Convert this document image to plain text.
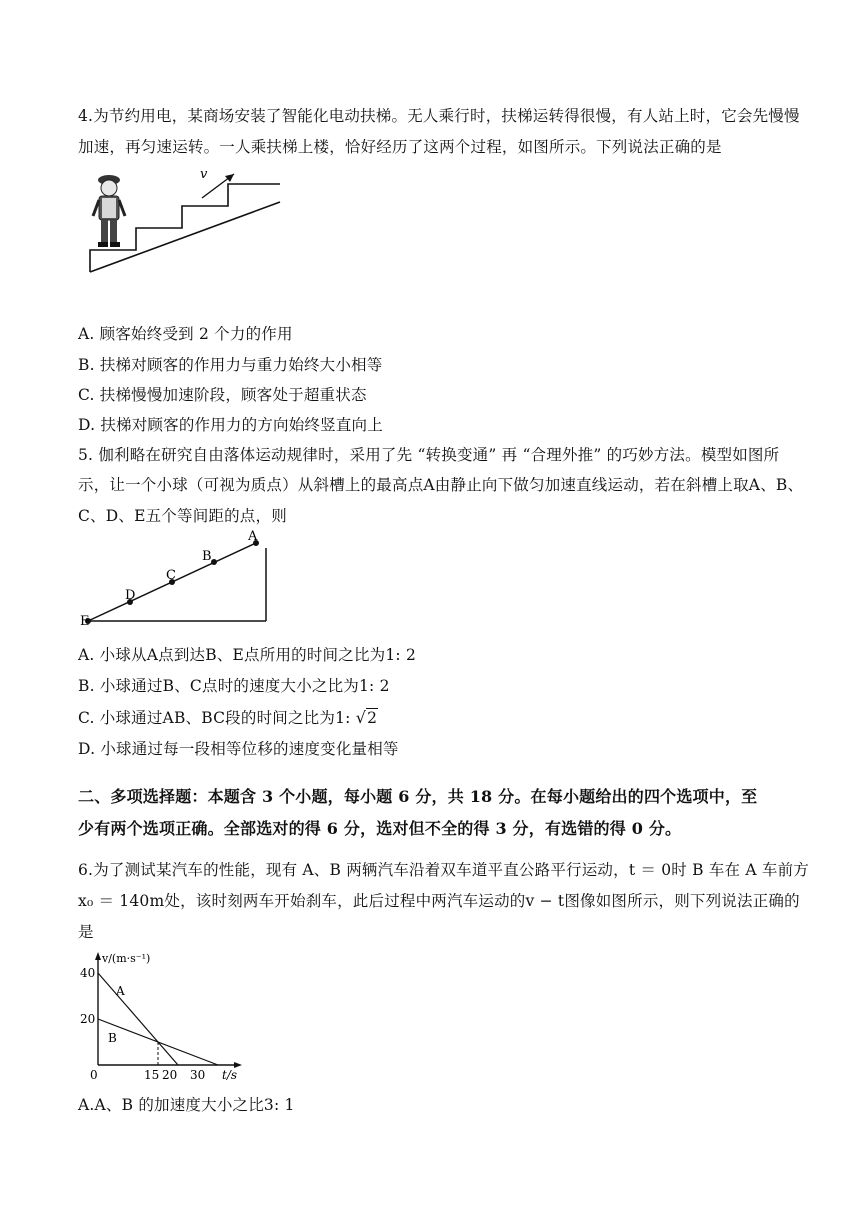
4.为节约用电，某商场安装了智能化电动扶梯。无人乘行时，扶梯运转得很慢，有人站上时，它会先慢慢
加速，再匀速运转。一人乘扶梯上楼，恰好经历了这两个过程，如图所示。下列说法正确的是
v
A. 顾客始终受到 2 个力的作用
B. 扶梯对顾客的作用力与重力始终大小相等
C. 扶梯慢慢加速阶段，顾客处于超重状态
D. 扶梯对顾客的作用力的方向始终竖直向上
5. 伽利略在研究自由落体运动规律时，采用了先 “转换变通” 再 “合理外推” 的巧妙方法。模型如图所
示，让一个小球（可视为质点）从斜槽上的最高点A由静止向下做匀加速直线运动，若在斜槽上取A、B、
C、D、E五个等间距的点，则
A
B
C
D
E
A. 小球从A点到达B、E点所用的时间之比为1: 2
B. 小球通过B、C点时的速度大小之比为1: 2
C. 小球通过AB、BC段的时间之比为1: √2
D. 小球通过每一段相等位移的速度变化量相等
二、多项选择题：本题含 3 个小题，每小题 6 分，共 18 分。在每小题给出的四个选项中，至
少有两个选项正确。全部选对的得 6 分，选对但不全的得 3 分，有选错的得 0 分。
6.为了测试某汽车的性能，现有 A、B 两辆汽车沿着双车道平直公路平行运动，t ＝ 0时 B 车在 A 车前方
x₀ ＝ 140m处，该时刻两车开始刹车，此后过程中两汽车运动的v − t图像如图所示，则下列说法正确的
是
v/(m·s⁻¹)
40
20
A
B
0	15 20 30 t/s
A.A、B 的加速度大小之比3: 1
